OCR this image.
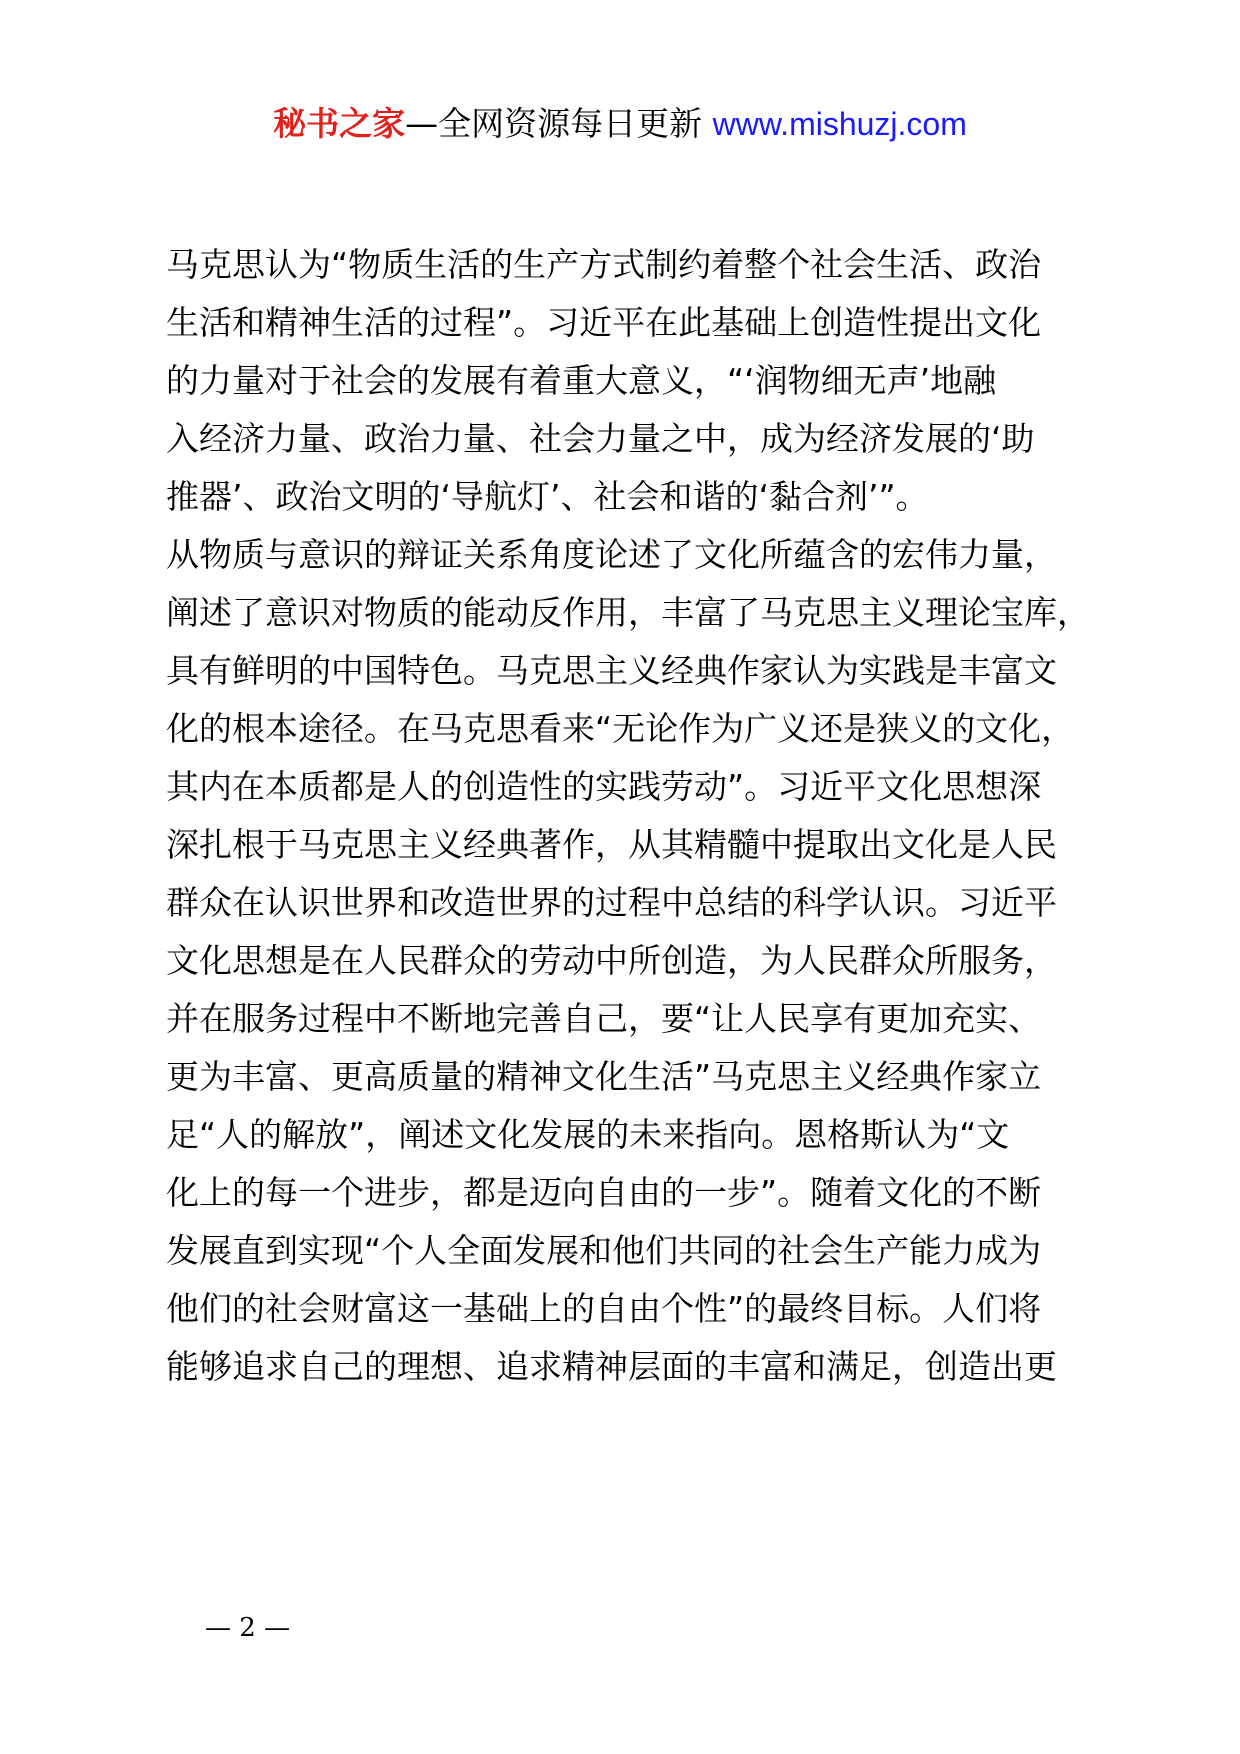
秘书之家—全网资源每日更新 www.mishuzj.com
马克思认为“物质生活的生产方式制约着整个社会生活、政治
生活和精神生活的过程”。习近平在此基础上创造性提出文化
的力量对于社会的发展有着重大意义，“‘润物细无声’地融
入经济力量、政治力量、社会力量之中，成为经济发展的‘助
推器’、政治文明的‘导航灯’、社会和谐的‘黏合剂’”。
从物质与意识的辩证关系角度论述了文化所蕴含的宏伟力量，
阐述了意识对物质的能动反作用，丰富了马克思主义理论宝库，
具有鲜明的中国特色。马克思主义经典作家认为实践是丰富文
化的根本途径。在马克思看来“无论作为广义还是狭义的文化，
其内在本质都是人的创造性的实践劳动”。习近平文化思想深
深扎根于马克思主义经典著作，从其精髓中提取出文化是人民
群众在认识世界和改造世界的过程中总结的科学认识。习近平
文化思想是在人民群众的劳动中所创造，为人民群众所服务，
并在服务过程中不断地完善自己，要“让人民享有更加充实、
更为丰富、更高质量的精神文化生活”马克思主义经典作家立
足“人的解放”，阐述文化发展的未来指向。恩格斯认为“文
化上的每一个进步，都是迈向自由的一步”。随着文化的不断
发展直到实现“个人全面发展和他们共同的社会生产能力成为
他们的社会财富这一基础上的自由个性”的最终目标。人们将
能够追求自己的理想、追求精神层面的丰富和满足，创造出更
— 2 —
